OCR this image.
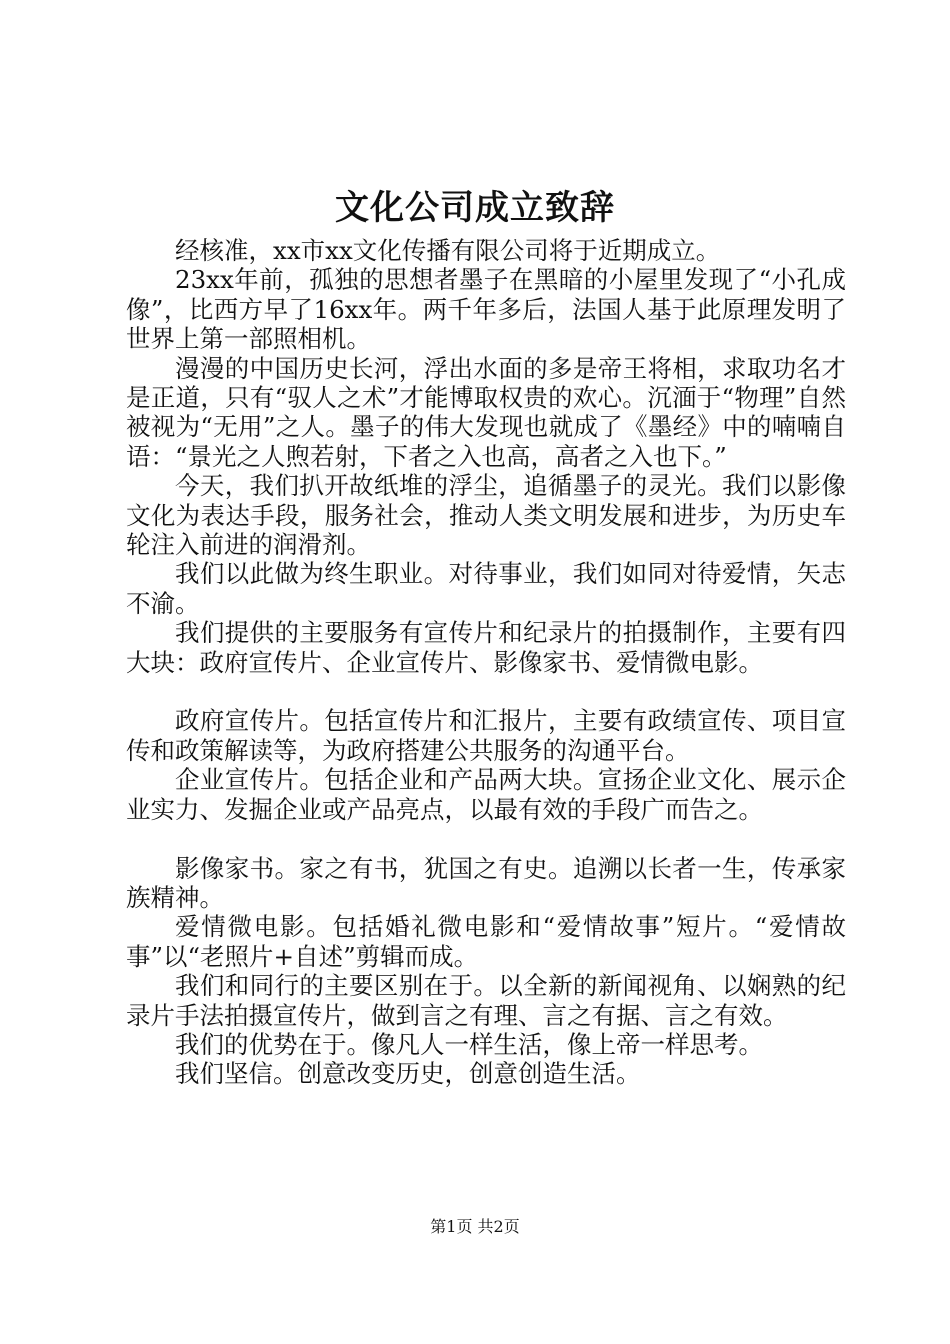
文化公司成立致辞

经核准，xx市xx文化传播有限公司将于近期成立。

23xx年前，孤独的思想者墨子在黑暗的小屋里发现了“小孔成像”，比西方早了16xx年。两千年多后，法国人基于此原理发明了世界上第一部照相机。

漫漫的中国历史长河，浮出水面的多是帝王将相，求取功名才是正道，只有“驭人之术”才能博取权贵的欢心。沉湎于“物理”自然被视为“无用”之人。墨子的伟大发现也就成了《墨经》中的喃喃自语：“景光之人煦若射，下者之入也高，高者之入也下。”

今天，我们扒开故纸堆的浮尘，追循墨子的灵光。我们以影像文化为表达手段，服务社会，推动人类文明发展和进步，为历史车轮注入前进的润滑剂。

我们以此做为终生职业。对待事业，我们如同对待爱情，矢志不渝。

我们提供的主要服务有宣传片和纪录片的拍摄制作，主要有四大块：政府宣传片、企业宣传片、影像家书、爱情微电影。

政府宣传片。包括宣传片和汇报片，主要有政绩宣传、项目宣传和政策解读等，为政府搭建公共服务的沟通平台。

企业宣传片。包括企业和产品两大块。宣扬企业文化、展示企业实力、发掘企业或产品亮点，以最有效的手段广而告之。

影像家书。家之有书，犹国之有史。追溯以长者一生，传承家族精神。

爱情微电影。包括婚礼微电影和“爱情故事”短片。“爱情故事”以“老照片+自述”剪辑而成。

我们和同行的主要区别在于。以全新的新闻视角、以娴熟的纪录片手法拍摄宣传片，做到言之有理、言之有据、言之有效。

我们的优势在于。像凡人一样生活，像上帝一样思考。

我们坚信。创意改变历史，创意创造生活。

第1页 共2页
